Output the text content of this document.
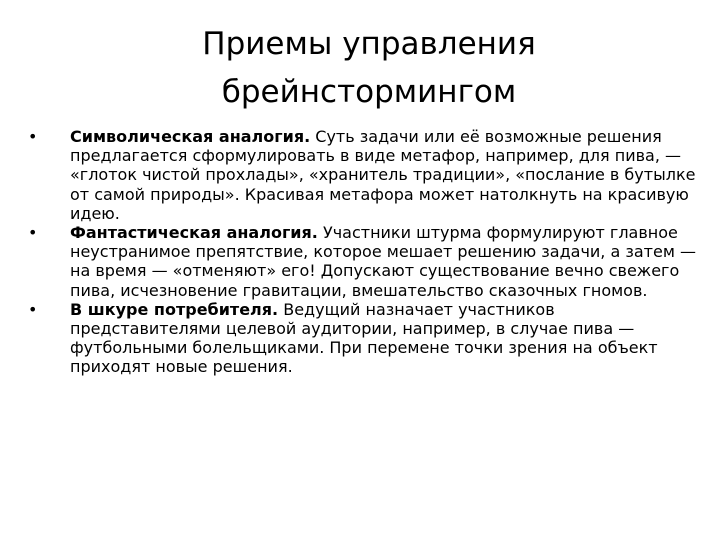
Приемы управления
брейнстормингом
•	Символическая аналогия. Суть задачи или её возможные решения предлагается сформулировать в виде метафор, например, для пива, — «глоток чистой прохлады», «хранитель традиции», «послание в бутылке от самой природы». Красивая метафора может натолкнуть на красивую идею.
•	Фантастическая аналогия. Участники штурма формулируют главное неустранимое препятствие, которое мешает решению задачи, а затем — на время — «отменяют» его! Допускают существование вечно свежего пива, исчезновение гравитации, вмешательство сказочных гномов.
•	В шкуре потребителя. Ведущий назначает участников представителями целевой аудитории, например, в случае пива — футбольными болельщиками. При перемене точки зрения на объект приходят новые решения.
